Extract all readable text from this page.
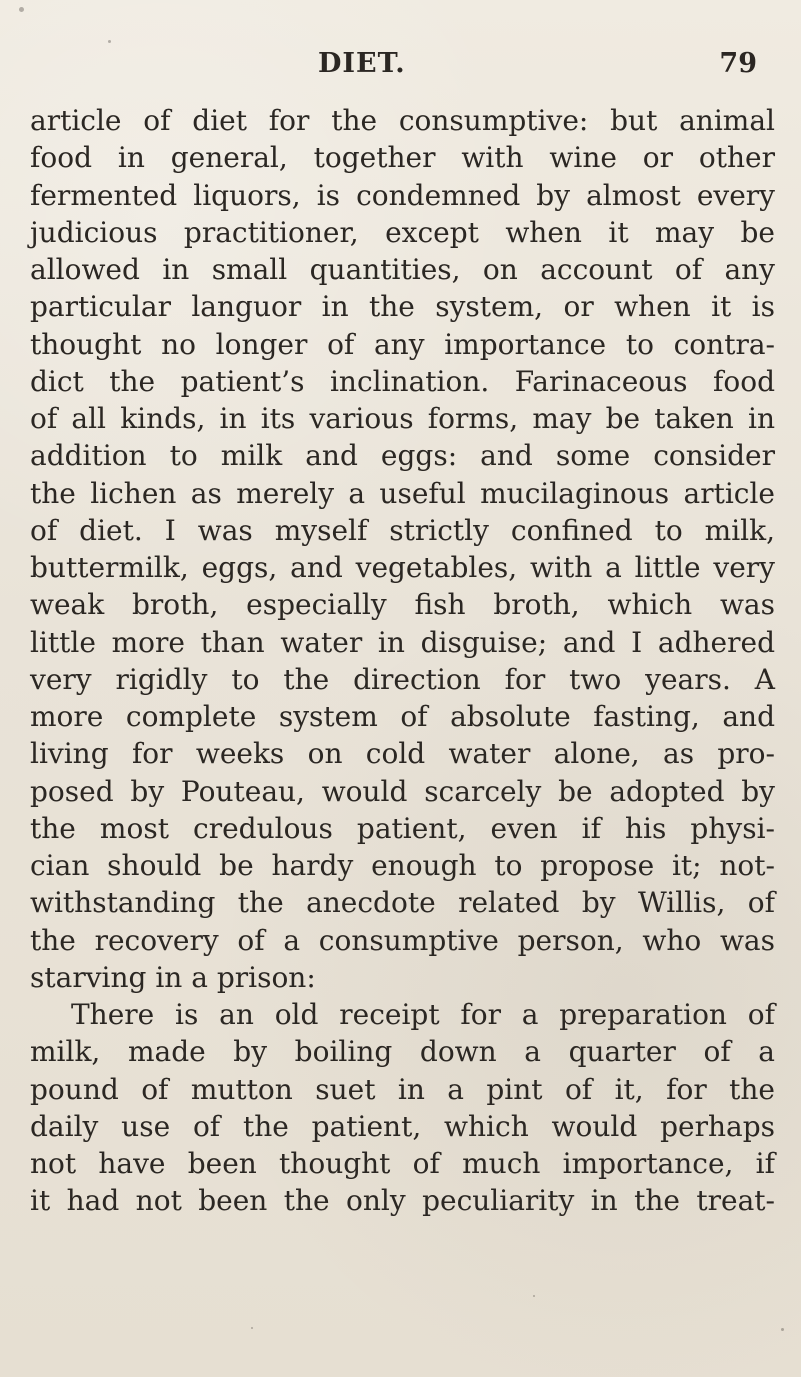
DIET.	79
article of diet for the consumptive: but animal
food in general, together with wine or other
fermented liquors, is condemned by almost every
judicious practitioner, except when it may be
allowed in small quantities, on account of any
particular languor in the system, or when it is
thought no longer of any importance to contra-
dict the patient’s inclination. Farinaceous food
of all kinds, in its various forms, may be taken in
addition to milk and eggs: and some consider
the lichen as merely a useful mucilaginous article
of diet. I was myself strictly confined to milk,
buttermilk, eggs, and vegetables, with a little very
weak broth, especially fish broth, which was
little more than water in disguise; and I adhered
very rigidly to the direction for two years. A
more complete system of absolute fasting, and
living for weeks on cold water alone, as pro-
posed by Pouteau, would scarcely be adopted by
the most credulous patient, even if his physi-
cian should be hardy enough to propose it; not-
withstanding the anecdote related by Willis, of
the recovery of a consumptive person, who was
starving in a prison:
There is an old receipt for a preparation of
milk, made by boiling down a quarter of a
pound of mutton suet in a pint of it, for the
daily use of the patient, which would perhaps
not have been thought of much importance, if
it had not been the only peculiarity in the treat-
